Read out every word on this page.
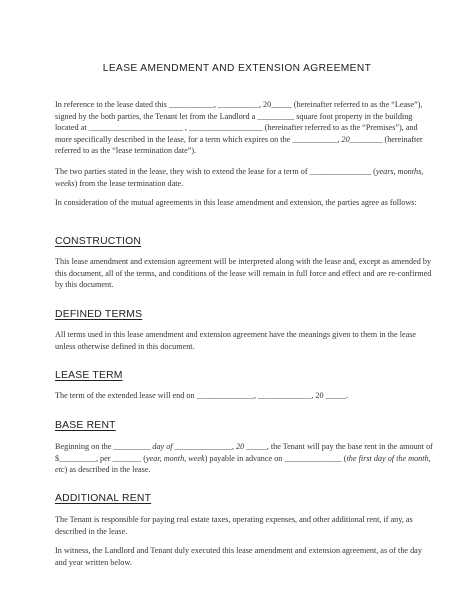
LEASE AMENDMENT AND EXTENSION AGREEMENT

In reference to the lease dated this ___________, __________, 20_____ (hereinafter referred to as the “Lease”), signed by the both parties, the Tenant let from the Landlord a _________ square foot property in the building located at _______________________ , __________________ (hereinafter referred to as the “Premises”), and more specifically described in the lease, for a term which expires on the ___________, 20________ (hereinafter referred to as the “lease termination date”).

The two parties stated in the lease, they wish to extend the lease for a term of _______________ (years, months, weeks) from the lease termination date.

In consideration of the mutual agreements in this lease amendment and extension, the parties agree as follows:
CONSTRUCTION
This lease amendment and extension agreement will be interpreted along with the lease and, except as amended by this document, all of the terms, and conditions of the lease will remain in full force and effect and are re-confirmed by this document.
DEFINED TERMS
All terms used in this lease amendment and extension agreement have the meanings given to them in the lease unless otherwise defined in this document.
LEASE TERM
The term of the extended lease will end on ______________, _____________, 20 _____.
BASE RENT

Beginning on the _________ day of ______________, 20 _____, the Tenant will pay the base rent in the amount of $_________, per _______ (year, month, week) payable in advance on ______________ (the first day of the month, etc) as described in the lease.

ADDITIONAL RENT
The Tenant is responsible for paying real estate taxes, operating expenses, and other additional rent, if any, as described in the lease.
In witness, the Landlord and Tenant duly executed this lease amendment and extension agreement, as of the day and year written below.
